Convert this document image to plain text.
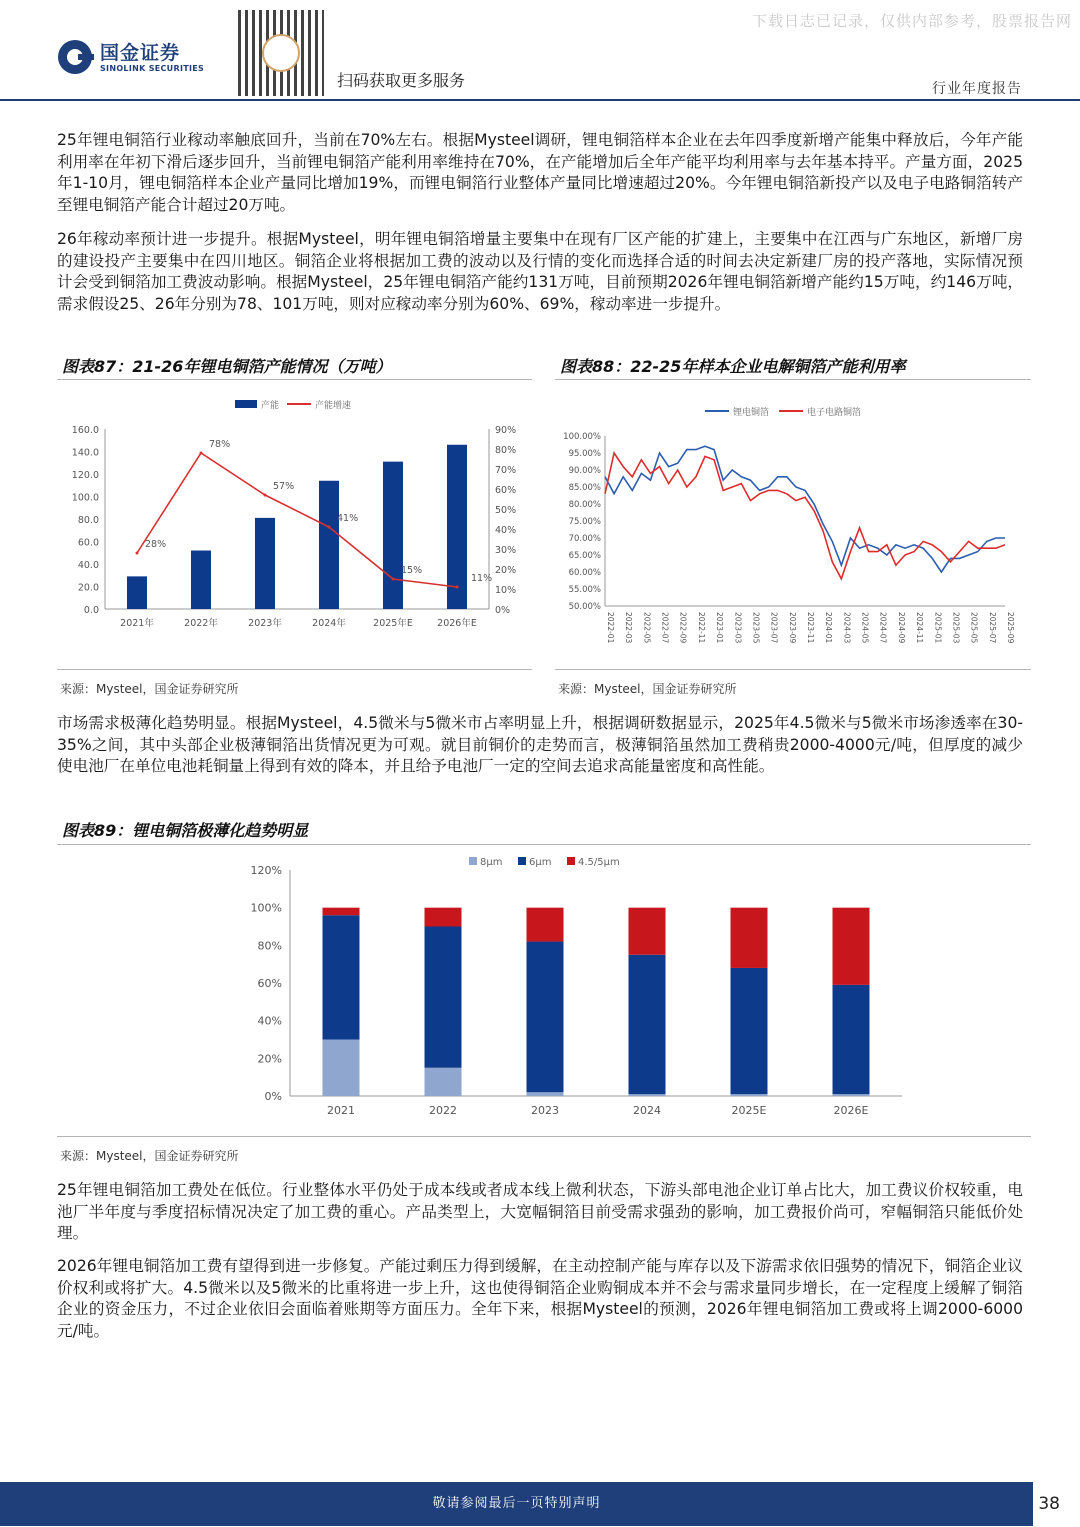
下载日志已记录，仅供内部参考，股票报告网
国金证券
SINOLINK SECURITIES
扫码获取更多服务	行业年度报告
25年锂电铜箔行业稼动率触底回升，当前在70%左右。根据Mysteel调研，锂电铜箔样本企业在去年四季度新增产能集中释放后，今年产能利用率在年初下滑后逐步回升，当前锂电铜箔产能利用率维持在70%，在产能增加后全年产能平均利用率与去年基本持平。产量方面，2025年1-10月，锂电铜箔样本企业产量同比增加19%，而锂电铜箔行业整体产量同比增速超过20%。今年锂电铜箔新投产以及电子电路铜箔转产至锂电铜箔产能合计超过20万吨。
26年稼动率预计进一步提升。根据Mysteel，明年锂电铜箔增量主要集中在现有厂区产能的扩建上，主要集中在江西与广东地区，新增厂房的建设投产主要集中在四川地区。铜箔企业将根据加工费的波动以及行情的变化而选择合适的时间去决定新建厂房的投产落地，实际情况预计会受到铜箔加工费波动影响。根据Mysteel，25年锂电铜箔产能约131万吨，目前预期2026年锂电铜箔新增产能约15万吨，约146万吨，需求假设25、26年分别为78、101万吨，则对应稼动率分别为60%、69%，稼动率进一步提升。
图表87：21-26年锂电铜箔产能情况（万吨）	图表88：22-25年样本企业电解铜箔产能利用率
产能	产能增速
0.0
20.0
40.0
60.0
80.0
100.0
120.0
140.0
160.0
0%
10%
20%
30%
40%
50%
60%
70%
80%
90%
2021年	2022年	2023年	2024年	2025年E	2026年E
28%
78%
57%
41%
15%
11%
锂电铜箔	电子电路铜箔
50.00%
55.00%
60.00%
65.00%
70.00%
75.00%
80.00%
85.00%
90.00%
95.00%
100.00%
2022-01 2022-03 2022-05 2022-07 2022-09 2022-11 2023-01 2023-03 2023-05 2023-07 2023-09 2023-11 2024-01 2024-03 2024-05 2024-07 2024-09 2024-11 2025-01 2025-03 2025-05 2025-07 2025-09
来源：Mysteel，国金证券研究所	来源：Mysteel，国金证券研究所
市场需求极薄化趋势明显。根据Mysteel，4.5微米与5微米市占率明显上升，根据调研数据显示，2025年4.5微米与5微米市场渗透率在30-35%之间，其中头部企业极薄铜箔出货情况更为可观。就目前铜价的走势而言，极薄铜箔虽然加工费稍贵2000-4000元/吨，但厚度的减少使电池厂在单位电池耗铜量上得到有效的降本，并且给予电池厂一定的空间去追求高能量密度和高性能。
图表89：锂电铜箔极薄化趋势明显
8μm	6μm	4.5/5μm
0%
20%
40%
60%
80%
100%
120%
2021	2022	2023	2024	2025E	2026E
来源：Mysteel，国金证券研究所
25年锂电铜箔加工费处在低位。行业整体水平仍处于成本线或者成本线上微利状态，下游头部电池企业订单占比大，加工费议价权较重，电池厂半年度与季度招标情况决定了加工费的重心。产品类型上，大宽幅铜箔目前受需求强劲的影响，加工费报价尚可，窄幅铜箔只能低价处理。
2026年锂电铜箔加工费有望得到进一步修复。产能过剩压力得到缓解，在主动控制产能与库存以及下游需求依旧强势的情况下，铜箔企业议价权利或将扩大。4.5微米以及5微米的比重将进一步上升，这也使得铜箔企业购铜成本并不会与需求量同步增长，在一定程度上缓解了铜箔企业的资金压力，不过企业依旧会面临着账期等方面压力。全年下来，根据Mysteel的预测，2026年锂电铜箔加工费或将上调2000-6000元/吨。
敬请参阅最后一页特别声明	38
